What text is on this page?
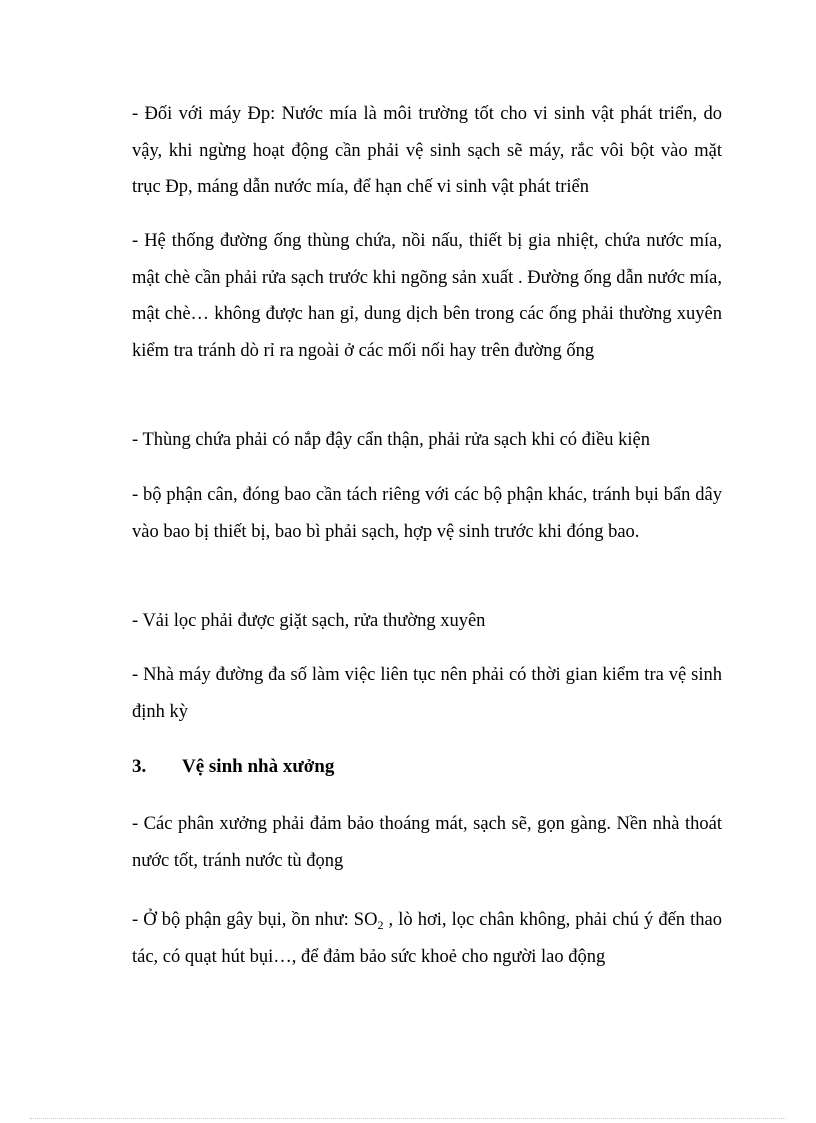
- Đối với máy Đp: Nước mía là môi trường tốt cho vi sinh vật phát triển, do vậy, khi ngừng hoạt động cần phải vệ sinh sạch sẽ máy, rắc vôi bột vào mặt trục Đp, máng dẫn nước mía, để hạn chế vi sinh vật phát triển

- Hệ thống đường ống thùng chứa, nồi nấu, thiết bị gia nhiệt, chứa nước mía, mật chè cần phải rửa sạch trước khi ngõng sản xuất . Đường ống dẫn nước mía, mật chè… không được han gỉ, dung dịch bên trong các ống phải thường xuyên kiểm tra tránh dò rỉ ra ngoài ở các mối nối hay trên đường ống

- Thùng chứa phải có nắp đậy cẩn thận, phải rửa sạch khi có điều kiện

- bộ phận cân, đóng bao cần tách riêng với các bộ phận khác, tránh bụi bẩn dây vào bao bị thiết bị, bao bì phải sạch, hợp vệ sinh trước khi đóng bao.

- Vải lọc phải được giặt sạch, rửa thường xuyên

- Nhà máy đường đa số làm việc liên tục nên phải có thời gian kiểm tra vệ sinh định kỳ

3.	Vệ sinh nhà xưởng

- Các phân xưởng phải đảm bảo thoáng mát, sạch sẽ, gọn gàng. Nền nhà thoát nước tốt, tránh nước tù đọng

- Ở bộ phận gây bụi, ồn như: $SO_2$ , lò hơi, lọc chân không, phải chú ý đến thao tác, có quạt hút bụi…, để đảm bảo sức khoẻ cho người lao động
